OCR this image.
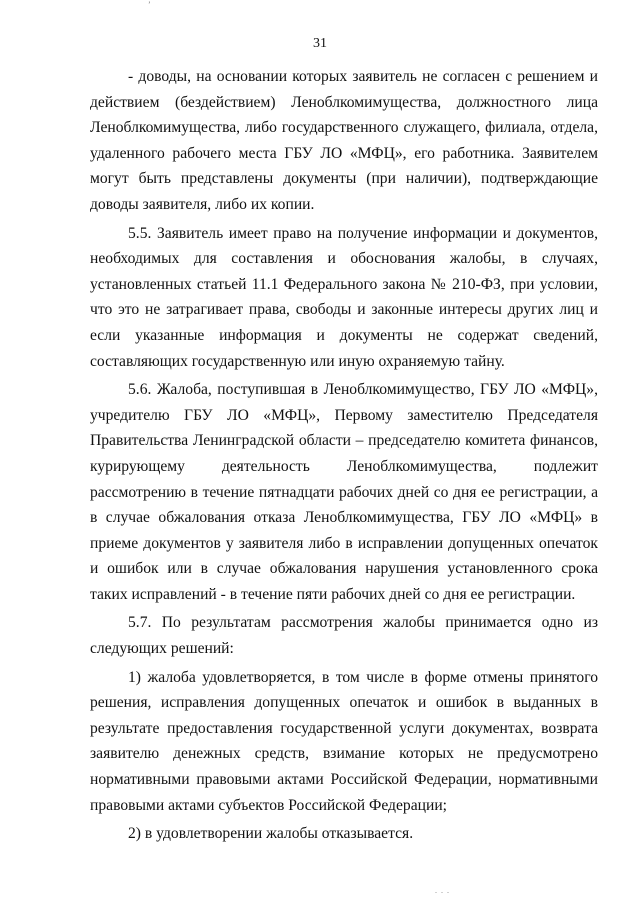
’
31

- доводы, на основании которых заявитель не согласен с решением и действием (бездействием) Леноблкомимущества, должностного лица Леноблкомимущества, либо государственного служащего, филиала, отдела, удаленного рабочего места ГБУ ЛО «МФЦ», его работника. Заявителем могут быть представлены документы (при наличии), подтверждающие доводы заявителя, либо их копии.

5.5. Заявитель имеет право на получение информации и документов, необходимых для составления и обоснования жалобы, в случаях, установленных статьей 11.1 Федерального закона № 210-ФЗ, при условии, что это не затрагивает права, свободы и законные интересы других лиц и если указанные информация и документы не содержат сведений, составляющих государственную или иную охраняемую тайну.

5.6. Жалоба, поступившая в Леноблкомимущество, ГБУ ЛО «МФЦ», учредителю ГБУ ЛО «МФЦ», Первому заместителю Председателя Правительства Ленинградской области – председателю комитета финансов, курирующему деятельность Леноблкомимущества, подлежит рассмотрению в течение пятнадцати рабочих дней со дня ее регистрации, а в случае обжалования отказа Леноблкомимущества, ГБУ ЛО «МФЦ» в приеме документов у заявителя либо в исправлении допущенных опечаток и ошибок или в случае обжалования нарушения установленного срока таких исправлений - в течение пяти рабочих дней со дня ее регистрации.

5.7. По результатам рассмотрения жалобы принимается одно из следующих решений:

1) жалоба удовлетворяется, в том числе в форме отмены принятого решения, исправления допущенных опечаток и ошибок в выданных в результате предоставления государственной услуги документах, возврата заявителю денежных средств, взимание которых не предусмотрено нормативными правовыми актами Российской Федерации, нормативными правовыми актами субъектов Российской Федерации;

2) в удовлетворении жалобы отказывается.

. . .
